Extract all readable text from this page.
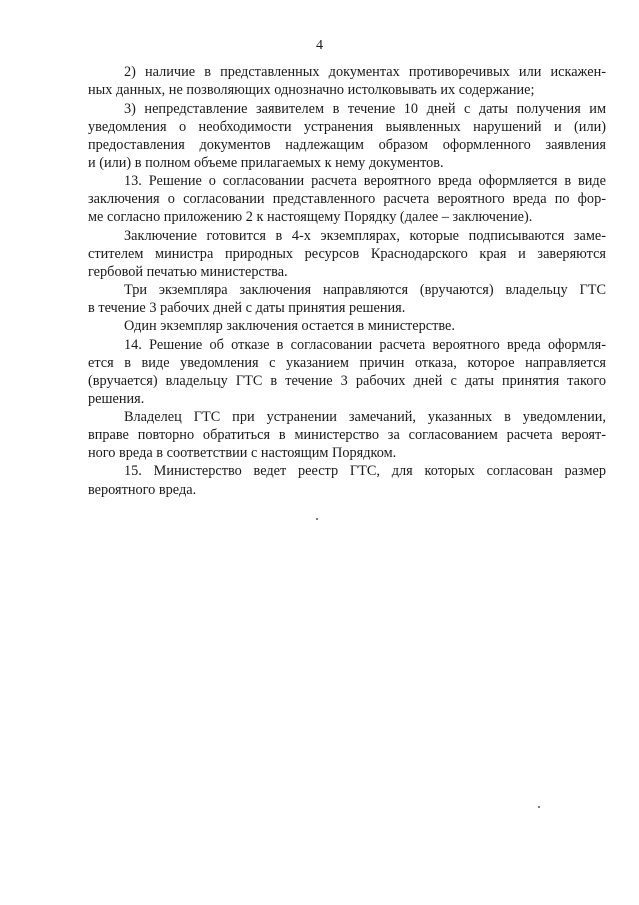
4
2) наличие в представленных документах противоречивых или искажен-
ных данных, не позволяющих однозначно истолковывать их содержание;
3) непредставление заявителем в течение 10 дней с даты получения им
уведомления о необходимости устранения выявленных нарушений и (или)
предоставления документов надлежащим образом оформленного заявления
и (или) в полном объеме прилагаемых к нему документов.
13. Решение о согласовании расчета вероятного вреда оформляется в виде
заключения о согласовании представленного расчета вероятного вреда по фор-
ме согласно приложению 2 к настоящему Порядку (далее – заключение).
Заключение готовится в 4-х экземплярах, которые подписываются заме-
стителем министра природных ресурсов Краснодарского края и заверяются
гербовой печатью министерства.
Три экземпляра заключения направляются (вручаются) владельцу ГТС
в течение 3 рабочих дней с даты принятия решения.
Один экземпляр заключения остается в министерстве.
14. Решение об отказе в согласовании расчета вероятного вреда оформля-
ется в виде уведомления с указанием причин отказа, которое направляется
(вручается) владельцу ГТС в течение 3 рабочих дней с даты принятия такого
решения.
Владелец ГТС при устранении замечаний, указанных в уведомлении,
вправе повторно обратиться в министерство за согласованием расчета вероят-
ного вреда в соответствии с настоящим Порядком.
15. Министерство ведет реестр ГТС, для которых согласован размер
вероятного вреда.
